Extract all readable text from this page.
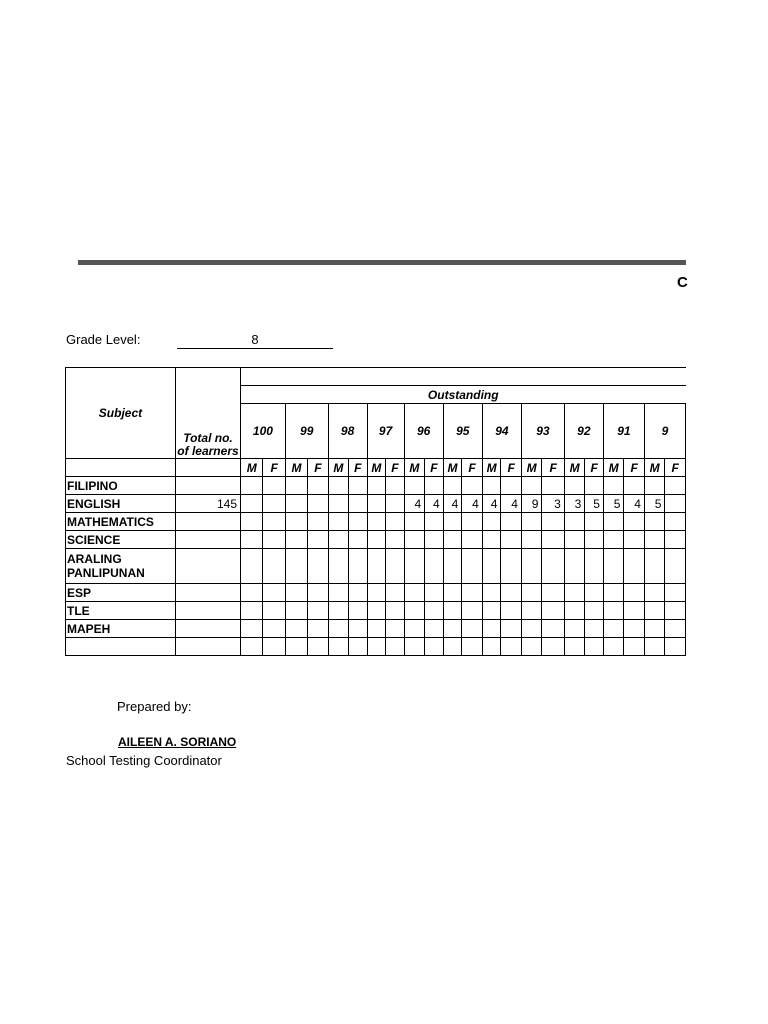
C
Grade Level:	8
Subject	Total no. of learners																						
		Outstanding																					
		100		99		98		97		96		95		94		93		92		91		9	
		M	F	M	F	M	F	M	F	M	F	M	F	M	F	M	F	M	F	M	F	M	F
FILIPINO																							
ENGLISH	145									4	4	4	4	4	4	9	3	3	5	5	4	5	
MATHEMATICS																							
SCIENCE																							
ARALING PANLIPUNAN																							
ESP																							
TLE																							
MAPEH																							

Prepared by:
AILEEN A. SORIANO
School Testing Coordinator
